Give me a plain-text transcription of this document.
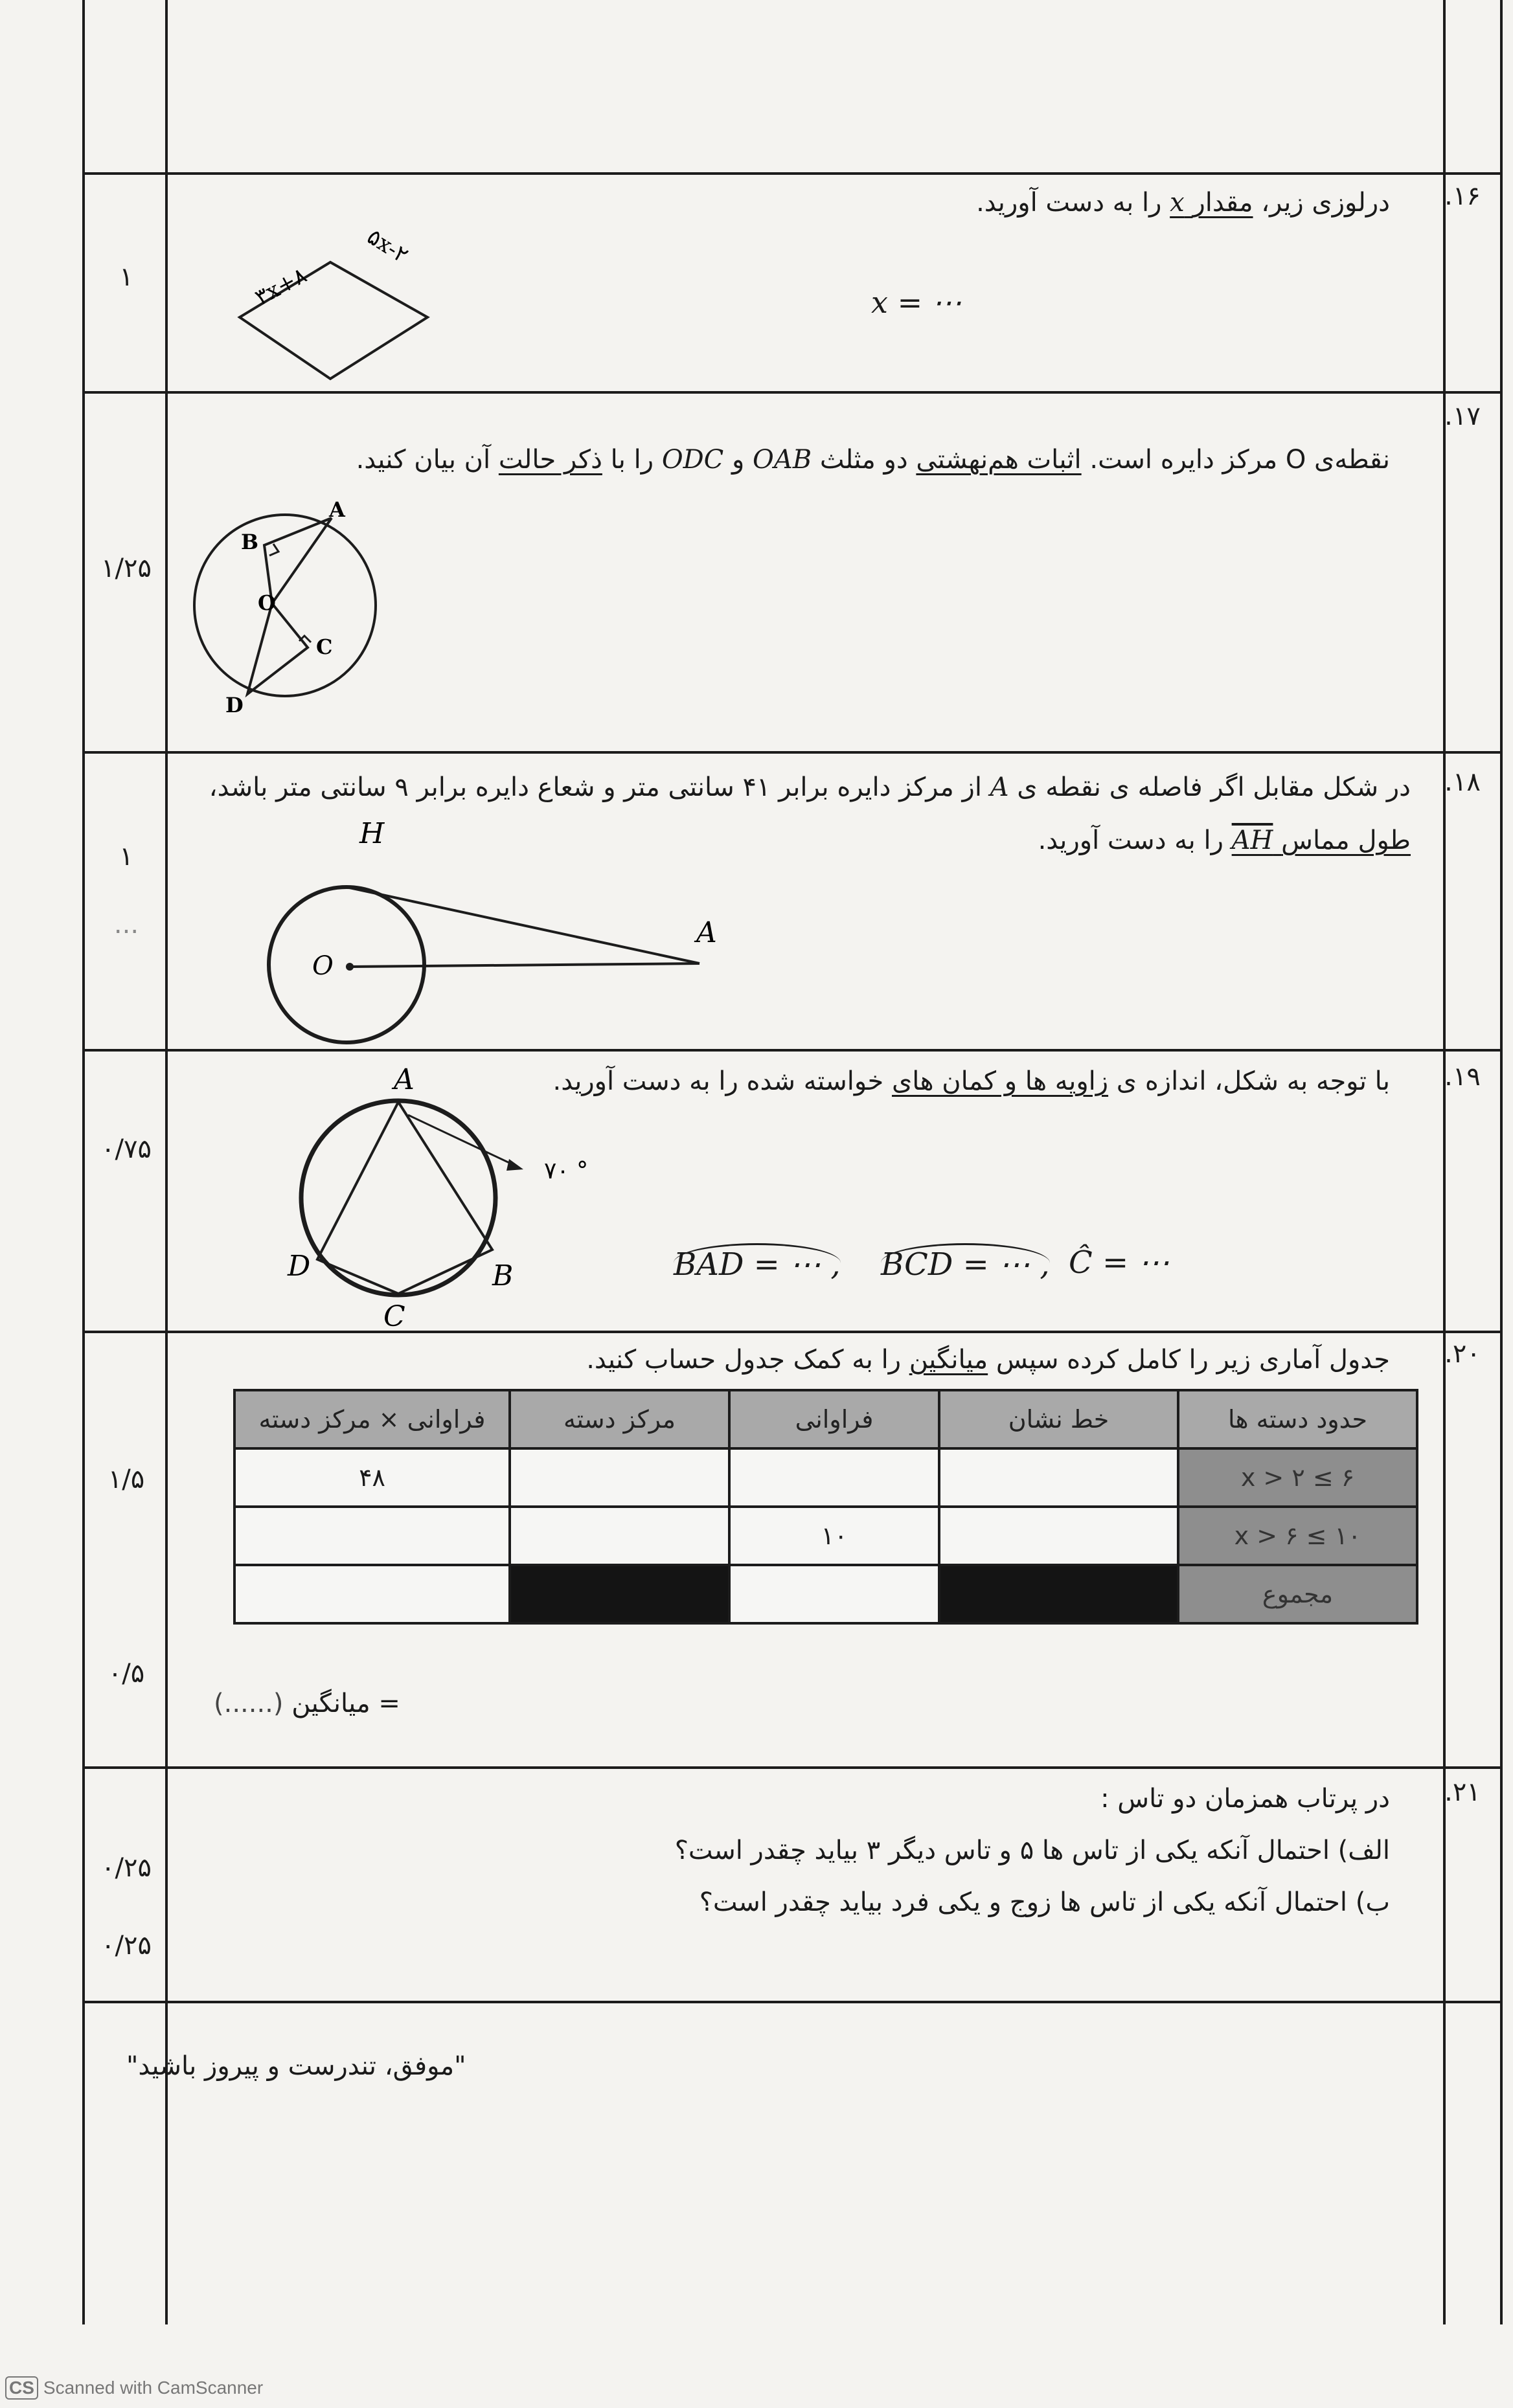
۱۶.
۱
درلوزی زیر، مقدار x را به دست آورید.
x = ⋯
۳x+۸
۵x-۲
۱۷.
۱/۲۵
نقطه‌ی O مرکز دایره است. اثبات هم‌نهشتی دو مثلث OAB و ODC را با ذکر حالت آن بیان کنید.
A
B
O
C
D
۱۸.
۱
...
در شکل مقابل اگر فاصله ی نقطه ی A از مرکز دایره برابر ۴۱ سانتی متر و شعاع دایره برابر ۹ سانتی متر باشد،
طول مماس AH را به دست آورید.
H
O
A
۱۹.
۰/۷۵
با توجه به شکل، اندازه ی زاویه ها و کمان های خواسته شده را به دست آورید.
۷۰ °
A
B
C
D	BAD = ⋯ , BCD = ⋯ , Ĉ = ⋯
۲۰.
۱/۵
۰/۵
جدول آماری زیر را کامل کرده سپس میانگین را به کمک جدول حساب کنید.
حدود دسته ها	خط نشان	فراوانی	مرکز دسته	فراوانی × مرکز دسته
۶ ≥ x > ۲				۴۸
۱۰ ≥ x > ۶		۱۰		
مجموع				
= میانگین (......)
۲۱.
۰/۲۵
۰/۲۵
در پرتاب همزمان دو تاس :
الف) احتمال آنکه یکی از تاس ها ۵ و تاس دیگر ۳ بیاید چقدر است؟
ب) احتمال آنکه یکی از تاس ها زوج و یکی فرد بیاید چقدر است؟
"موفق، تندرست و پیروز باشید"
CS Scanned with CamScanner
